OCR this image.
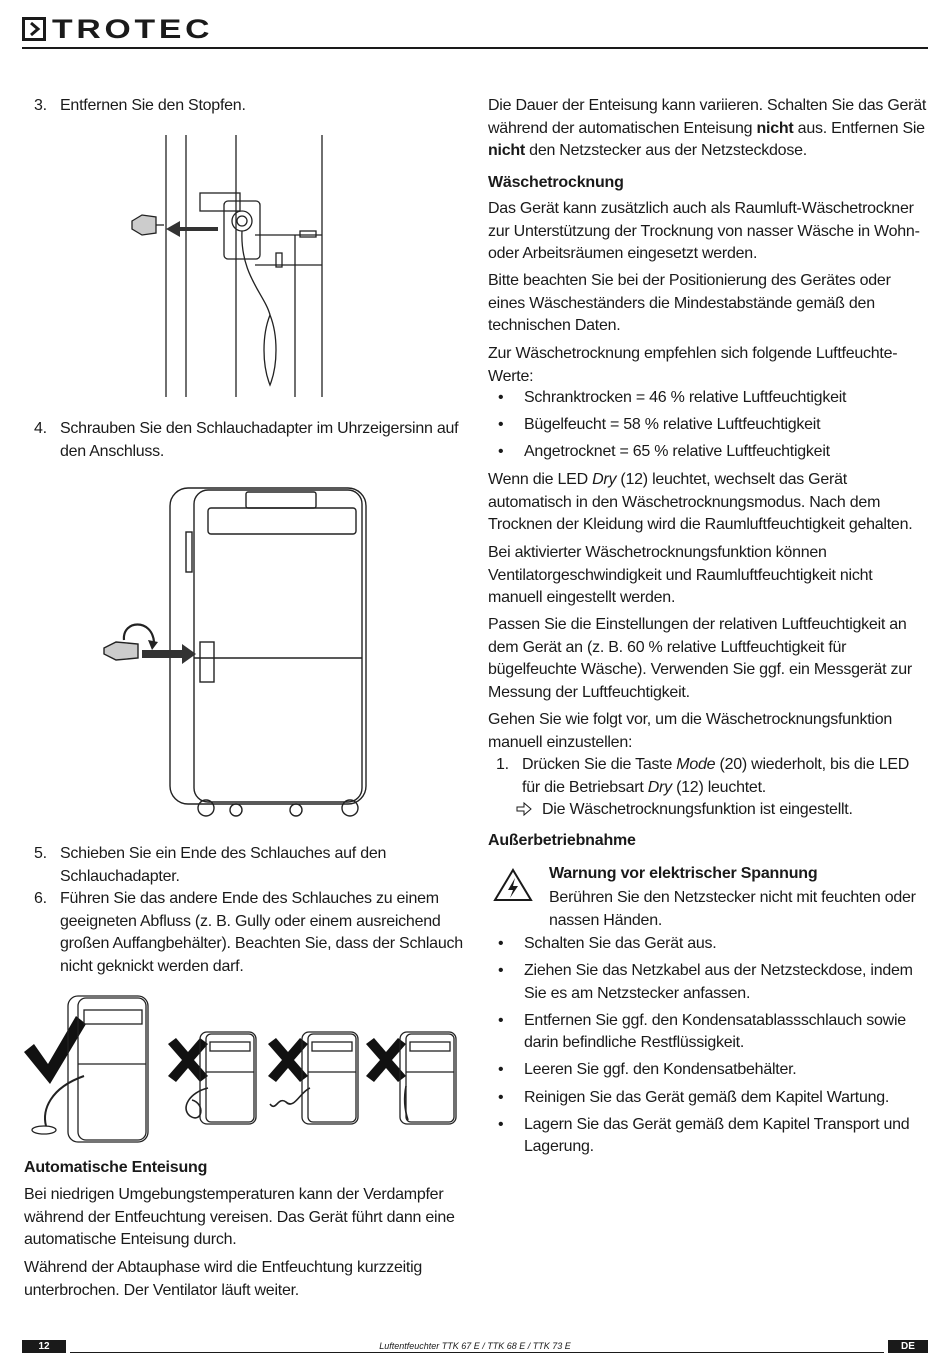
TROTEC
3. Entfernen Sie den Stopfen.
4. Schrauben Sie den Schlauchadapter im Uhrzeigersinn auf den Anschluss.
5. Schieben Sie ein Ende des Schlauches auf den Schlauchadapter.
6. Führen Sie das andere Ende des Schlauches zu einem geeigneten Abfluss (z. B. Gully oder einem ausreichend großen Auffangbehälter). Beachten Sie, dass der Schlauch nicht geknickt werden darf.
Automatische Enteisung
Bei niedrigen Umgebungstemperaturen kann der Verdampfer während der Entfeuchtung vereisen. Das Gerät führt dann eine automatische Enteisung durch.
Während der Abtauphase wird die Entfeuchtung kurzzeitig unterbrochen. Der Ventilator läuft weiter.
Die Dauer der Enteisung kann variieren. Schalten Sie das Gerät während der automatischen Enteisung nicht aus. Entfernen Sie nicht den Netzstecker aus der Netzsteckdose.
Wäschetrocknung
Das Gerät kann zusätzlich auch als Raumluft-Wäschetrockner zur Unterstützung der Trocknung von nasser Wäsche in Wohn- oder Arbeitsräumen eingesetzt werden.
Bitte beachten Sie bei der Positionierung des Gerätes oder eines Wäscheständers die Mindestabstände gemäß den technischen Daten.
Zur Wäschetrocknung empfehlen sich folgende Luftfeuchte-Werte:
• Schranktrocken = 46 % relative Luftfeuchtigkeit
• Bügelfeucht = 58 % relative Luftfeuchtigkeit
• Angetrocknet = 65 % relative Luftfeuchtigkeit
Wenn die LED Dry (12) leuchtet, wechselt das Gerät automatisch in den Wäschetrocknungsmodus. Nach dem Trocknen der Kleidung wird die Raumluftfeuchtigkeit gehalten.
Bei aktivierter Wäschetrocknungsfunktion können Ventilatorgeschwindigkeit und Raumluftfeuchtigkeit nicht manuell eingestellt werden.
Passen Sie die Einstellungen der relativen Luftfeuchtigkeit an dem Gerät an (z. B. 60 % relative Luftfeuchtigkeit für bügelfeuchte Wäsche). Verwenden Sie ggf. ein Messgerät zur Messung der Luftfeuchtigkeit.
Gehen Sie wie folgt vor, um die Wäschetrocknungsfunktion manuell einzustellen:
1. Drücken Sie die Taste Mode (20) wiederholt, bis die LED für die Betriebsart Dry (12) leuchtet.
Die Wäschetrocknungsfunktion ist eingestellt.
Außerbetriebnahme
Warnung vor elektrischer Spannung
Berühren Sie den Netzstecker nicht mit feuchten oder nassen Händen.
• Schalten Sie das Gerät aus.
• Ziehen Sie das Netzkabel aus der Netzsteckdose, indem Sie es am Netzstecker anfassen.
• Entfernen Sie ggf. den Kondensatablassschlauch sowie darin befindliche Restflüssigkeit.
• Leeren Sie ggf. den Kondensatbehälter.
• Reinigen Sie das Gerät gemäß dem Kapitel Wartung.
• Lagern Sie das Gerät gemäß dem Kapitel Transport und Lagerung.
12	Luftentfeuchter TTK 67 E / TTK 68 E / TTK 73 E	DE
